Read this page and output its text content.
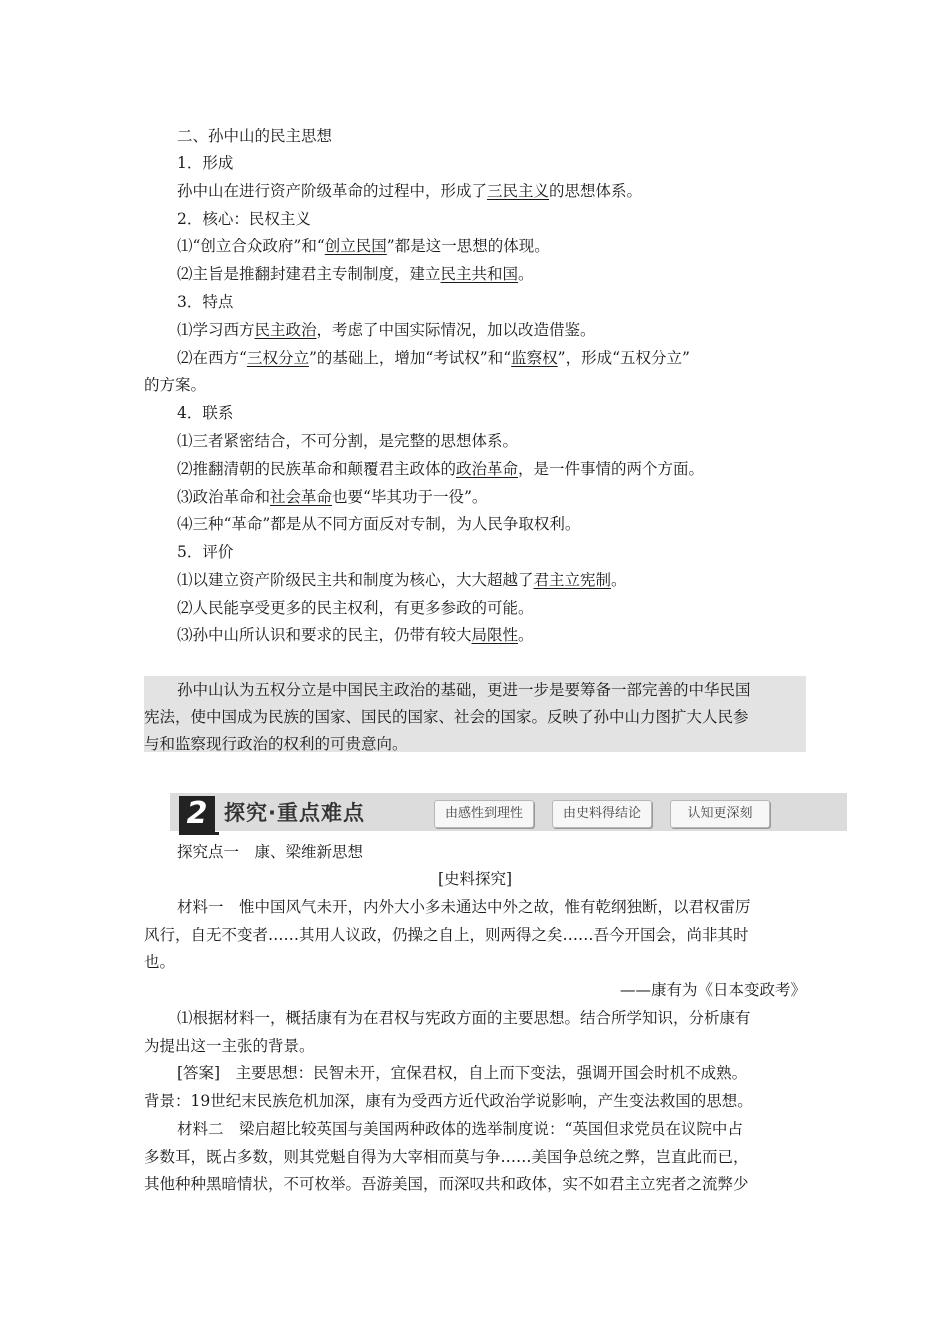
二、孙中山的民主思想
1．形成
孙中山在进行资产阶级革命的过程中，形成了三民主义的思想体系。
2．核心：民权主义
⑴“创立合众政府”和“创立民国”都是这一思想的体现。
⑵主旨是推翻封建君主专制制度，建立民主共和国。
3．特点
⑴学习西方民主政治，考虑了中国实际情况，加以改造借鉴。
⑵在西方“三权分立”的基础上，增加“考试权”和“监察权”，形成“五权分立”
的方案。
4．联系
⑴三者紧密结合，不可分割，是完整的思想体系。
⑵推翻清朝的民族革命和颠覆君主政体的政治革命，是一件事情的两个方面。
⑶政治革命和社会革命也要“毕其功于一役”。
⑷三种“革命”都是从不同方面反对专制，为人民争取权利。
5．评价
⑴以建立资产阶级民主共和制度为核心，大大超越了君主立宪制。
⑵人民能享受更多的民主权利，有更多参政的可能。
⑶孙中山所认识和要求的民主，仍带有较大局限性。
孙中山认为五权分立是中国民主政治的基础，更进一步是要筹备一部完善的中华民国
宪法，使中国成为民族的国家、国民的国家、社会的国家。反映了孙中山力图扩大人民参
与和监察现行政治的权利的可贵意向。
2 探究·重点难点	由感性到理性	由史料得结论	认知更深刻
探究点一　康、梁维新思想
[史料探究]
材料一　惟中国风气未开，内外大小多未通达中外之故，惟有乾纲独断，以君权雷厉
风行，自无不变者……其用人议政，仍操之自上，则两得之矣……吾今开国会，尚非其时
也。
——康有为《日本变政考》
⑴根据材料一，概括康有为在君权与宪政方面的主要思想。结合所学知识，分析康有
为提出这一主张的背景。
[答案]　主要思想：民智未开，宜保君权，自上而下变法，强调开国会时机不成熟。
背景：19世纪末民族危机加深，康有为受西方近代政治学说影响，产生变法救国的思想。
材料二　梁启超比较英国与美国两种政体的选举制度说：“英国但求党员在议院中占
多数耳，既占多数，则其党魁自得为大宰相而莫与争……美国争总统之弊，岂直此而已，
其他种种黑暗情状，不可枚举。吾游美国，而深叹共和政体，实不如君主立宪者之流弊少
